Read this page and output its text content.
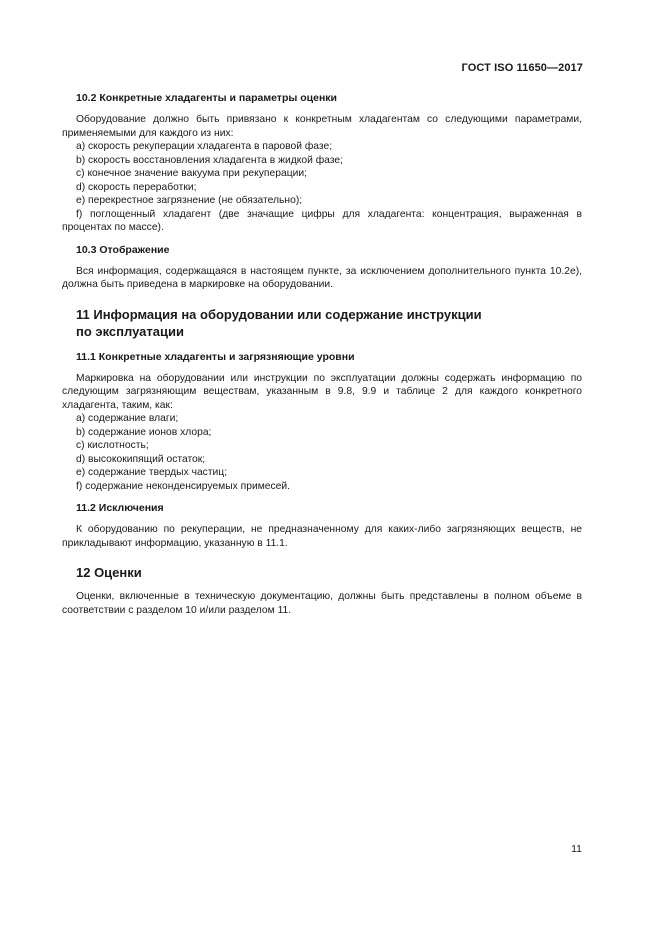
ГОСТ ISO 11650—2017
10.2 Конкретные хладагенты и параметры оценки

Оборудование должно быть привязано к конкретным хладагентам со следующими параметрами, применяемыми для каждого из них:

a) скорость рекуперации хладагента в паровой фазе;
b) скорость восстановления хладагента в жидкой фазе;
c) конечное значение вакуума при рекуперации;
d) скорость переработки;
e) перекрестное загрязнение (не обязательно);
f) поглощенный хладагент (две значащие цифры для хладагента: концентрация, выраженная в процентах по массе).
10.3 Отображение

Вся информация, содержащаяся в настоящем пункте, за исключением дополнительного пункта 10.2е), должна быть приведена в маркировке на оборудовании.

11 Информация на оборудовании или содержание инструкции
по эксплуатации
11.1 Конкретные хладагенты и загрязняющие уровни

Маркировка на оборудовании или инструкции по эксплуатации должны содержать информацию по следующим загрязняющим веществам, указанным в 9.8, 9.9 и таблице 2 для каждого конкретного хладагента, таким, как:

a) содержание влаги;
b) содержание ионов хлора;
c) кислотность;
d) высококипящий остаток;
e) содержание твердых частиц;
f) содержание неконденсируемых примесей.
11.2 Исключения

К оборудованию по рекуперации, не предназначенному для каких-либо загрязняющих веществ, не прикладывают информацию, указанную в 11.1.

12 Оценки

Оценки, включенные в техническую документацию, должны быть представлены в полном объеме в соответствии с разделом 10 и/или разделом 11.

11
